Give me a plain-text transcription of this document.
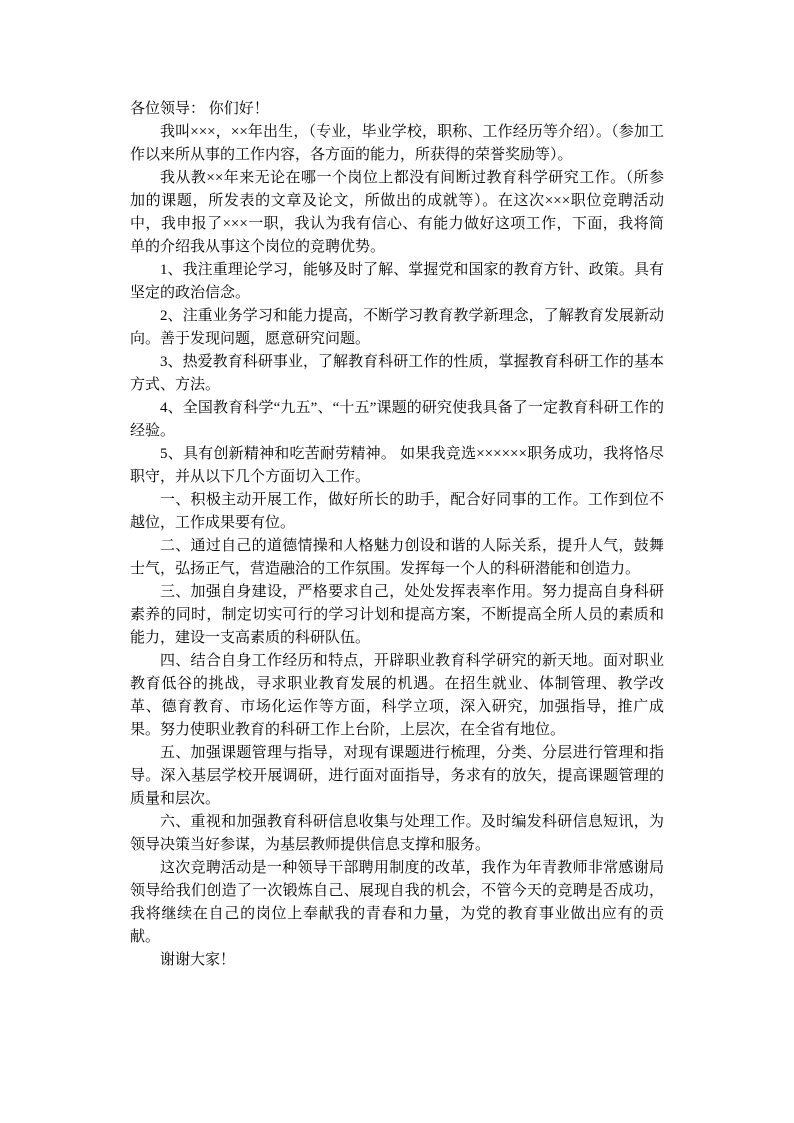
各位领导： 你们好！

我叫×××，××年出生，（专业，毕业学校，职称、工作经历等介绍）。（参加工作以来所从事的工作内容，各方面的能力，所获得的荣誉奖励等）。

我从教××年来无论在哪一个岗位上都没有间断过教育科学研究工作。（所参加的课题，所发表的文章及论文，所做出的成就等）。在这次×××职位竞聘活动中，我申报了×××一职，我认为我有信心、有能力做好这项工作，下面，我将简单的介绍我从事这个岗位的竞聘优势。

1、我注重理论学习，能够及时了解、掌握党和国家的教育方针、政策。具有坚定的政治信念。

2、注重业务学习和能力提高，不断学习教育教学新理念，了解教育发展新动向。善于发现问题，愿意研究问题。

3、热爱教育科研事业，了解教育科研工作的性质，掌握教育科研工作的基本方式、方法。

4、全国教育科学“九五”、“十五”课题的研究使我具备了一定教育科研工作的经验。

5、具有创新精神和吃苦耐劳精神。 如果我竞选××××××职务成功，我将恪尽职守，并从以下几个方面切入工作。

一、积极主动开展工作，做好所长的助手，配合好同事的工作。工作到位不越位，工作成果要有位。

二、通过自己的道德情操和人格魅力创设和谐的人际关系，提升人气，鼓舞士气，弘扬正气，营造融洽的工作氛围。发挥每一个人的科研潜能和创造力。

三、加强自身建设，严格要求自己，处处发挥表率作用。努力提高自身科研素养的同时，制定切实可行的学习计划和提高方案，不断提高全所人员的素质和能力，建设一支高素质的科研队伍。

四、结合自身工作经历和特点，开辟职业教育科学研究的新天地。面对职业教育低谷的挑战，寻求职业教育发展的机遇。在招生就业、体制管理、教学改革、德育教育、市场化运作等方面，科学立项，深入研究，加强指导，推广成果。努力使职业教育的科研工作上台阶，上层次，在全省有地位。

五、加强课题管理与指导，对现有课题进行梳理，分类、分层进行管理和指导。深入基层学校开展调研，进行面对面指导，务求有的放矢，提高课题管理的质量和层次。

六、重视和加强教育科研信息收集与处理工作。及时编发科研信息短讯，为领导决策当好参谋，为基层教师提供信息支撑和服务。

这次竞聘活动是一种领导干部聘用制度的改革，我作为年青教师非常感谢局领导给我们创造了一次锻炼自己、展现自我的机会，不管今天的竞聘是否成功，我将继续在自己的岗位上奉献我的青春和力量，为党的教育事业做出应有的贡献。

谢谢大家！
